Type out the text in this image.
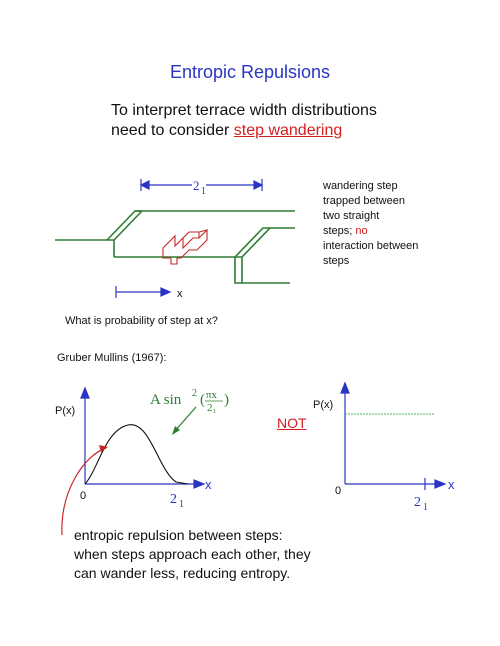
Entropic Repulsions
To interpret terrace width distributions
need to consider step wandering
2 1
x
P(x)
x
0	2 1
A sin 2 ( πx
2₁ )	P(x)
x
0
2 1
wandering step
trapped between
two straight
steps; no
interaction between
steps
What is probability of step at x?
Gruber Mullins (1967):
NOT
entropic repulsion between steps:
when steps approach each other, they
can wander less, reducing entropy.
